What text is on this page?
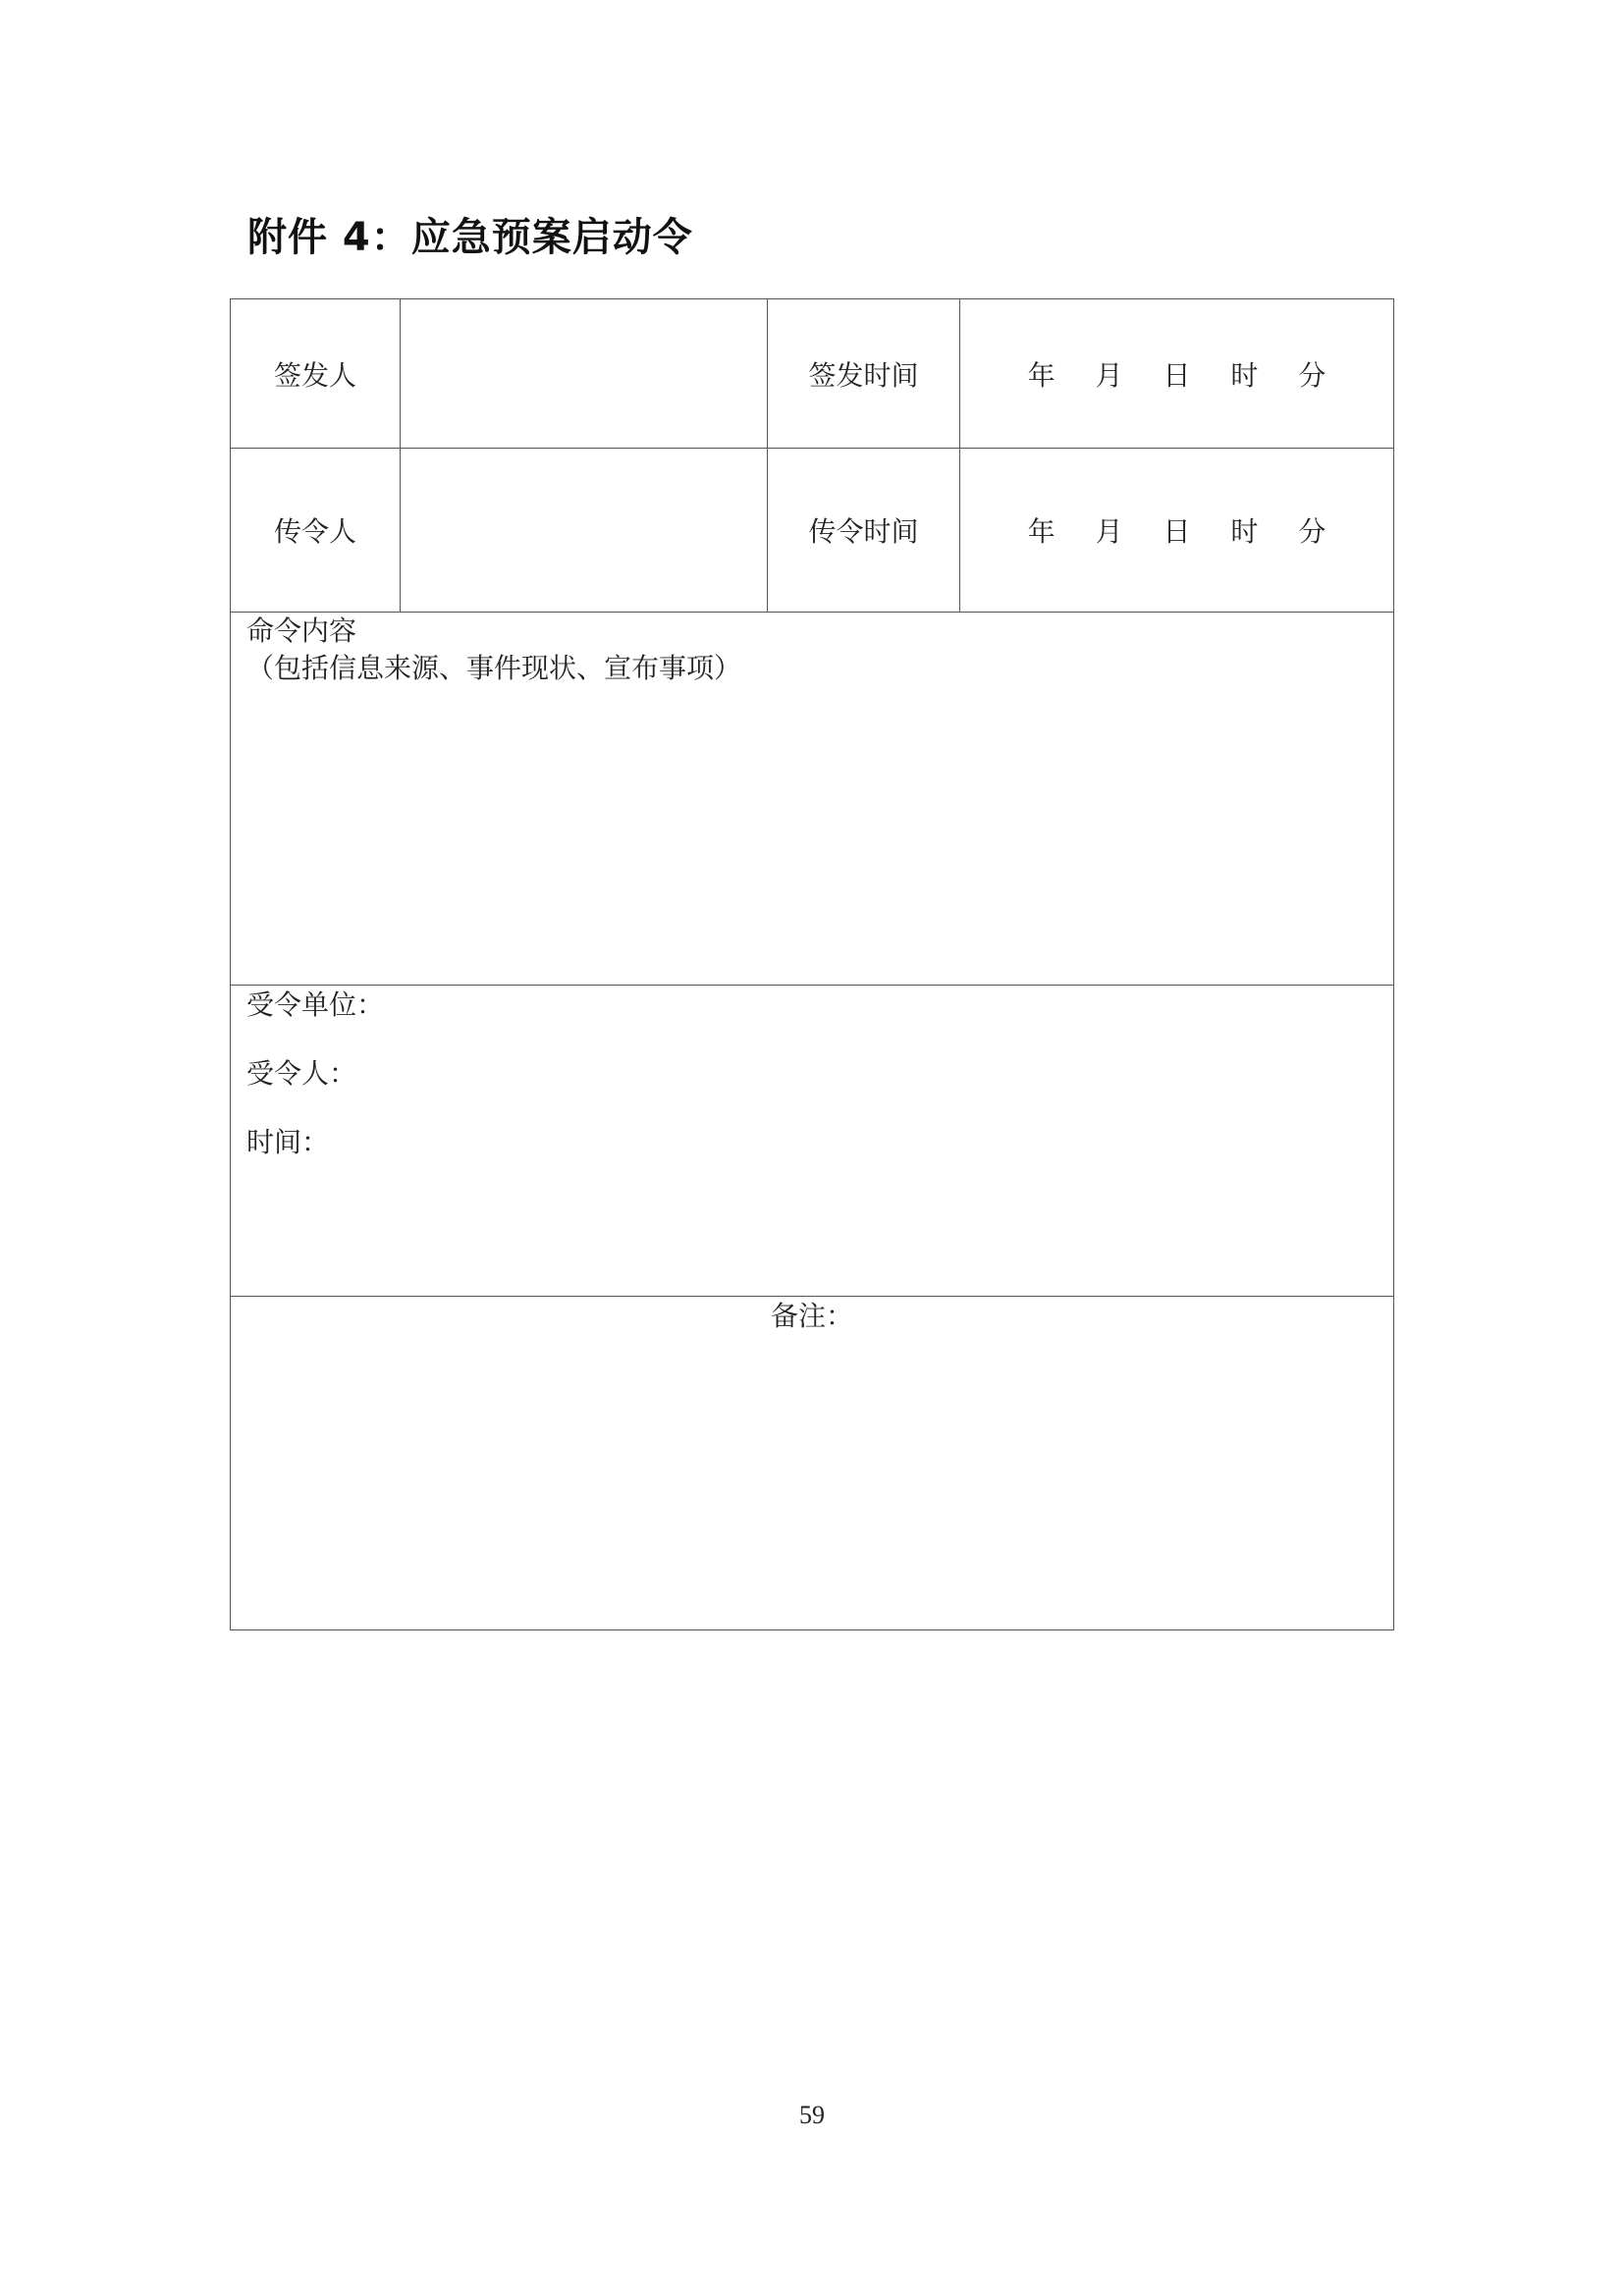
附件 4：应急预案启动令
签发人		签发时间	年 月 日 时 分
传令人		传令时间	年 月 日 时 分

命令内容
（包括信息来源、事件现状、宣布事项）			

受令单位：
受令人：
时间：			

备注：			
59
